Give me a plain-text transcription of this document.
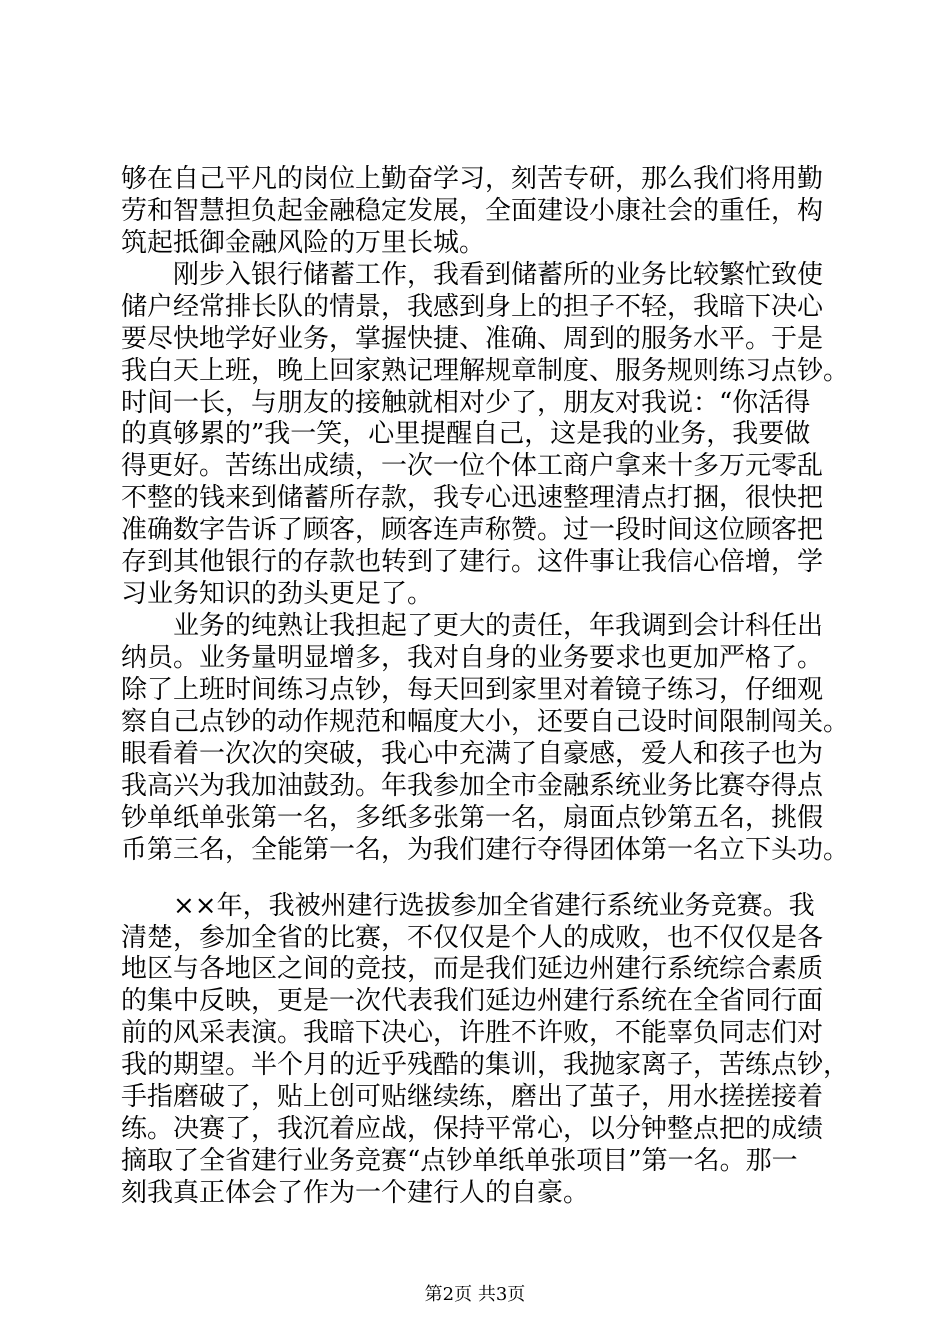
够在自己平凡的岗位上勤奋学习，刻苦专研，那么我们将用勤
劳和智慧担负起金融稳定发展，全面建设小康社会的重任，构
筑起抵御金融风险的万里长城。
　　刚步入银行储蓄工作，我看到储蓄所的业务比较繁忙致使
储户经常排长队的情景，我感到身上的担子不轻，我暗下决心
要尽快地学好业务，掌握快捷、准确、周到的服务水平。于是
我白天上班，晚上回家熟记理解规章制度、服务规则练习点钞。
时间一长，与朋友的接触就相对少了，朋友对我说：“你活得
的真够累的”我一笑，心里提醒自己，这是我的业务，我要做
得更好。苦练出成绩，一次一位个体工商户拿来十多万元零乱
不整的钱来到储蓄所存款，我专心迅速整理清点打捆，很快把
准确数字告诉了顾客，顾客连声称赞。过一段时间这位顾客把
存到其他银行的存款也转到了建行。这件事让我信心倍增，学
习业务知识的劲头更足了。
　　业务的纯熟让我担起了更大的责任，年我调到会计科任出
纳员。业务量明显增多，我对自身的业务要求也更加严格了。
除了上班时间练习点钞，每天回到家里对着镜子练习，仔细观
察自己点钞的动作规范和幅度大小，还要自己设时间限制闯关。
眼看着一次次的突破，我心中充满了自豪感，爱人和孩子也为
我高兴为我加油鼓劲。年我参加全市金融系统业务比赛夺得点
钞单纸单张第一名，多纸多张第一名，扇面点钞第五名，挑假
币第三名，全能第一名，为我们建行夺得团体第一名立下头功。
　　××年，我被州建行选拔参加全省建行系统业务竞赛。我
清楚，参加全省的比赛，不仅仅是个人的成败，也不仅仅是各
地区与各地区之间的竞技，而是我们延边州建行系统综合素质
的集中反映，更是一次代表我们延边州建行系统在全省同行面
前的风采表演。我暗下决心，许胜不许败，不能辜负同志们对
我的期望。半个月的近乎残酷的集训，我抛家离子，苦练点钞，
手指磨破了，贴上创可贴继续练，磨出了茧子，用水搓搓接着
练。决赛了，我沉着应战，保持平常心，以分钟整点把的成绩
摘取了全省建行业务竞赛“点钞单纸单张项目”第一名。那一
刻我真正体会了作为一个建行人的自豪。
第2页 共3页
